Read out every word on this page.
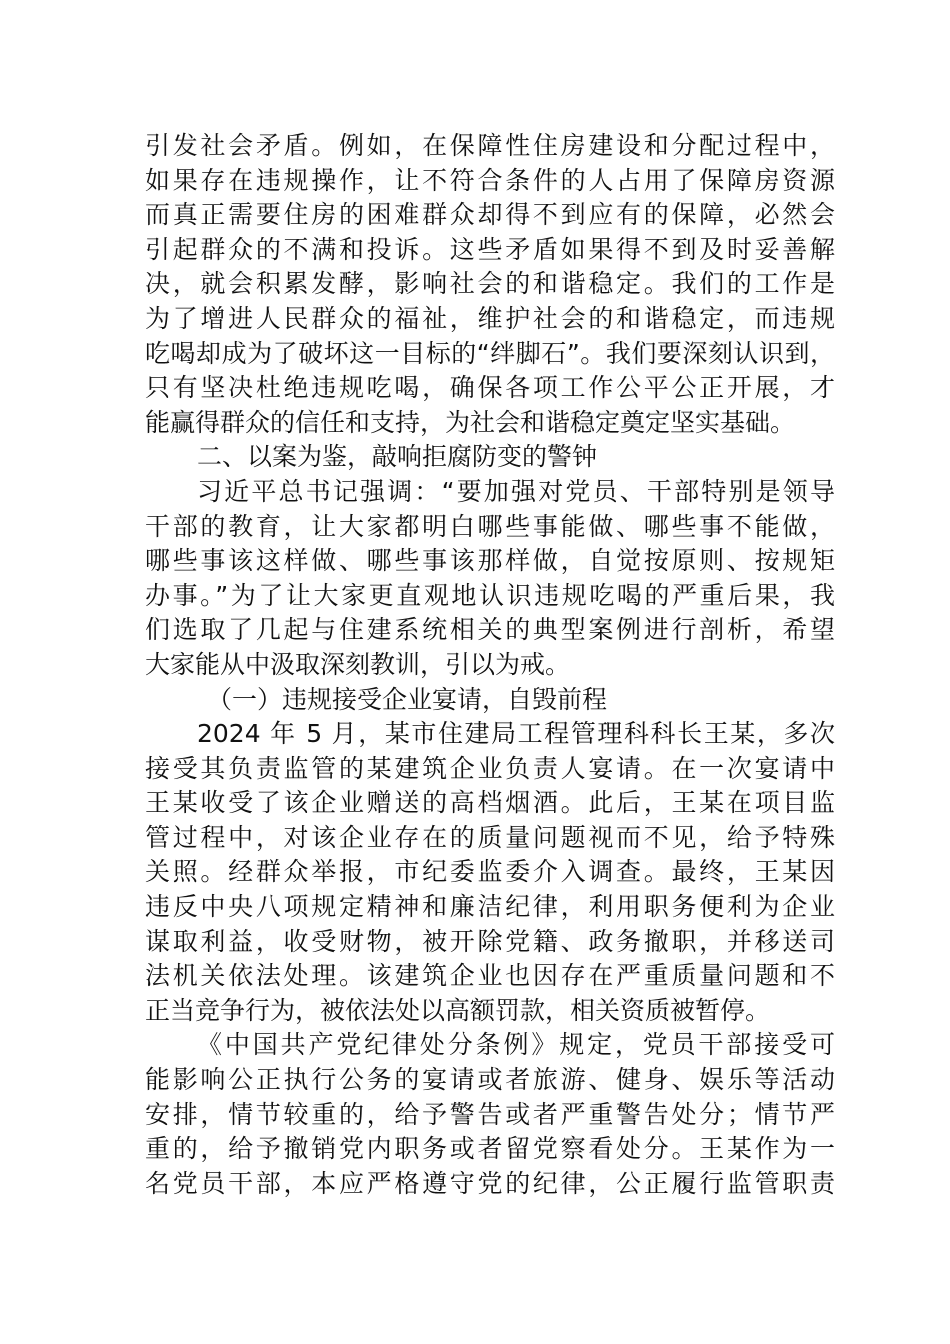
引发社会矛盾。例如，在保障性住房建设和分配过程中，
如果存在违规操作，让不符合条件的人占用了保障房资源
而真正需要住房的困难群众却得不到应有的保障，必然会
引起群众的不满和投诉。这些矛盾如果得不到及时妥善解
决，就会积累发酵，影响社会的和谐稳定。我们的工作是
为了增进人民群众的福祉，维护社会的和谐稳定，而违规
吃喝却成为了破坏这一目标的“绊脚石”。我们要深刻认识到，
只有坚决杜绝违规吃喝，确保各项工作公平公正开展，才
能赢得群众的信任和支持，为社会和谐稳定奠定坚实基础。
二、以案为鉴，敲响拒腐防变的警钟
习近平总书记强调：“要加强对党员、干部特别是领导
干部的教育，让大家都明白哪些事能做、哪些事不能做，
哪些事该这样做、哪些事该那样做，自觉按原则、按规矩
办事。”为了让大家更直观地认识违规吃喝的严重后果，我
们选取了几起与住建系统相关的典型案例进行剖析，希望
大家能从中汲取深刻教训，引以为戒。
（一）违规接受企业宴请，自毁前程
2024 年 5 月，某市住建局工程管理科科长王某，多次
接受其负责监管的某建筑企业负责人宴请。在一次宴请中
王某收受了该企业赠送的高档烟酒。此后，王某在项目监
管过程中，对该企业存在的质量问题视而不见，给予特殊
关照。经群众举报，市纪委监委介入调查。最终，王某因
违反中央八项规定精神和廉洁纪律，利用职务便利为企业
谋取利益，收受财物，被开除党籍、政务撤职，并移送司
法机关依法处理。该建筑企业也因存在严重质量问题和不
正当竞争行为，被依法处以高额罚款，相关资质被暂停。
《中国共产党纪律处分条例》规定，党员干部接受可
能影响公正执行公务的宴请或者旅游、健身、娱乐等活动
安排，情节较重的，给予警告或者严重警告处分；情节严
重的，给予撤销党内职务或者留党察看处分。王某作为一
名党员干部，本应严格遵守党的纪律，公正履行监管职责
